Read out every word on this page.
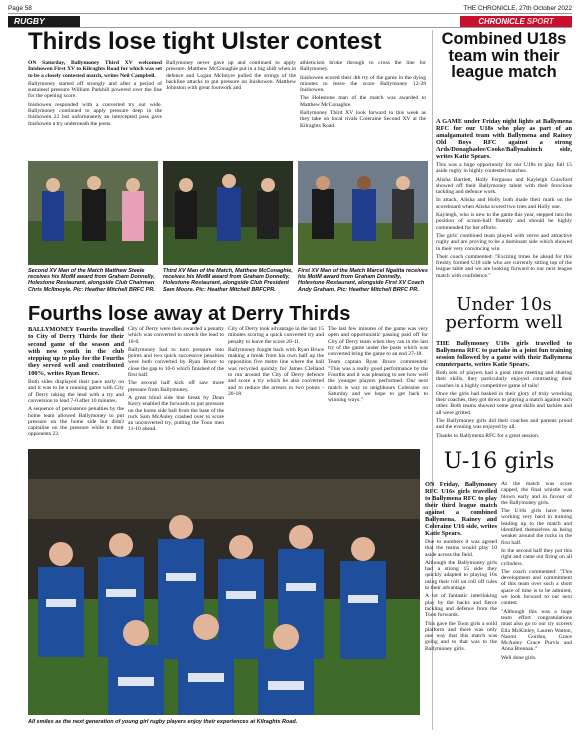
Page 58	THE CHRONICLE, 27th October 2022
RUGBY	CHRONICLE SPORT
Thirds lose tight Ulster contest

ON Saturday, Ballymoney Third XV welcomed Inishowen First XV to Kilraghts Road for which was set to be a closely contested match, writes Neil Campbell.

Ballymoney started off strongly and after a period of sustained pressure William Parkhill powered over the line for the opening score.

Inishowen responded with a converted try out wide. Ballymoney continued to apply pressure deep in the Inishowen 22 but unfortunately an intercepted pass gave Inishowen a try underneath the posts.

Ballymoney never gave up and continued to apply pressure. Matthew McConaghie put in a big shift when in defence and Logan McIntyre pulled the strings of the backline attacks to put pressure on Inishowen. Matthew Johnston with great footwork and

athleticism broke through to cross the line for Ballymoney.

Inishowen scored their 4th try of the game in the dying minutes to leave the score Ballymoney 12-28 Inishowen.

The Holestone man of the match was awarded to Matthew McConaghie.

Ballymoney Third XV look forward to this week as they take on local rivals Coleraine Second XV at the Kilraghts Road.

Second XV Man of the Match Matthew Steele receives his MotM award from Graham Donnelly, Holestone Restaurant, alongside Club Chairman Chris McIlmoyle. Pic: Heather Mitchell BRFC PR.
Third XV Man of the Match, Matthew McConaghie, receives his MotM award from Graham Donnelly, Holestone Restaurant, alongside Club President Sam Moore. Pic: Heather Mitchell BRFCPR.
First XV Man of the Match Marcel Ngatita receives his MotM award from Graham Donnelly, Holestone Restaurant, alongside First XV Coach Andy Graham. Pic: Heather Mitchell BRFC PR.
Fourths lose away at Derry Thirds

BALLYMONEY Fourths travelled to City of Derry Thirds for their second game of the season and with new youth in the club stepping up to play for the Fourths they served well and contributed 100%, writes Ryan Bruce.

Both sides displayed their pace early on and it was to be a running game with City of Derry taking the lead with a try and conversion to lead 7-0 after 10 minutes.

A sequence of persistence penalties by the home team allowed Ballymoney to put pressure on the home side but didn't capitalise on the pressure while in their opponents 22.

City of Derry were then awarded a penalty which was converted to stretch the lead to 10-0.

Ballymoney had to turn pressure into points and two quick successive penalties were both converted by Ryan Bruce to close the gap to 10-6 which finished of the first half.

The second half kick off saw more pressure from Ballymoney.

A great blind side line break by Dean Kerry enabled the forwards to put pressure on the home side ball from the base of the ruck Sam McAuley crashed over to score an unconverted try, putting the Toon men 11-10 ahead.

City of Derry took advantage in the last 15 minutes scoring a quick converted try and penalty to leave the score 20-11.

Ballymoney fought back with Ryan Bruce making a break from his own half up the opposition five metre line where the ball was recycled quickly for James Clelland to run around the City of Derry defence and score a try which he also converted and to reduce the arrears to two points - 20-18.

The last few minutes of the game was very open and opportunistic passing paid off for City of Derry team when they ran in the last try of the game under the posts which was converted bring the game to an end 27-18.

Team captain Ryan Bruce commented: "This was a really good performance by the Fourths and it was pleasing to see how well the younger players performed. Our next match is way to neighbours Coleraine on Saturday and we hope to get back to winning ways."

All smiles as the next generation of young girl rugby players enjoy their experiences at Kilraghts Road.
Combined U18s team win their league match

A GAME under Friday night lights at Ballymena RFC for our U18s who play as part of an amalgamated team with Ballymena and Rainey Old Boys RFC against a strong Ards/Donaghadee/Cooke/Ballynahinch side, writes Katie Spears.

This was a huge opportunity for our U18s to play full 15 aside rugby in highly contested matches.

Alisha Bartlett, Holly Ferguson and Kayleigh Crawford showed off their Ballymoney talent with their ferocious tackling and defence work.

In attack, Alisha and Holly both made their mark on the scoreboard when Alisha scored two tries and Holly one.

Kayleigh, who is new to the game this year, stepped into the position of scrum-half fluently and should be highly commended for her efforts.

The girls' combined team played with verve and attractive rugby and are proving to be a dominant side which showed in their very convincing win.

Their coach commented: "Exciting times lie ahead for this freshly formed U18 side who are currently sitting top of the league table and we are looking forward to our next league match with confidence."

Under 10s perform well

THE Ballymoney U10s girls travelled to Ballymena RFC to partake in a joint fun training session followed by a game with their Ballymena counterparts, writes Katie Spears.

Both sets of players had a great time meeting and sharing their skills, they particularly enjoyed contrasting their coaches in a highly competitive game of tails!

Once the girls had basked in their glory of truly wrecking their coaches, they got down to playing a match against each other. Both teams showed some great skills and tackles and all were gritted.

The Ballymoney girls did their coaches and parents proud and the evening was enjoyed by all.

Thanks to Ballymena RFC for a great session.

U-16 girls

ON Friday, Ballymoney RFC U16s girls travelled to Ballymena RFC to play their third league match against a combined Ballymena, Rainey and Coleraine U16 side, writes Katie Spears.

Due to numbers it was agreed that the teams would play 10 aside across the field.

Although the Ballymoney girls had a strong 15 side they quickly adapted to playing 10s using their roll on roll off rules to their advantage.

A lot of fantastic interlinking play by the backs and fierce tackling and defence from the Toon forwards.

This gave the Toon girls a solid platform and there was only one way that this match was going and to that was to the Ballymoney girls.

As the match was score capped, the final whistle was blown early and in favour of the Ballymoney girls.

The U16s girls have been working very hard in training leading up to the match and identified themselves as being weaker around the rucks in the first half.

In the second half they put this right and came out firing on all cylinders.

The coach commented: "This development and commitment of this team over such a short space of time is to be admired, we look forward to our next contest.

"Although this was a huge team effort congratulations must also go to our try scorers Ella McKinley, Lauren Watton, Naomi Gordon, Grace McAuley Grace Purvis and Anna Brennan."

Well done girls.
